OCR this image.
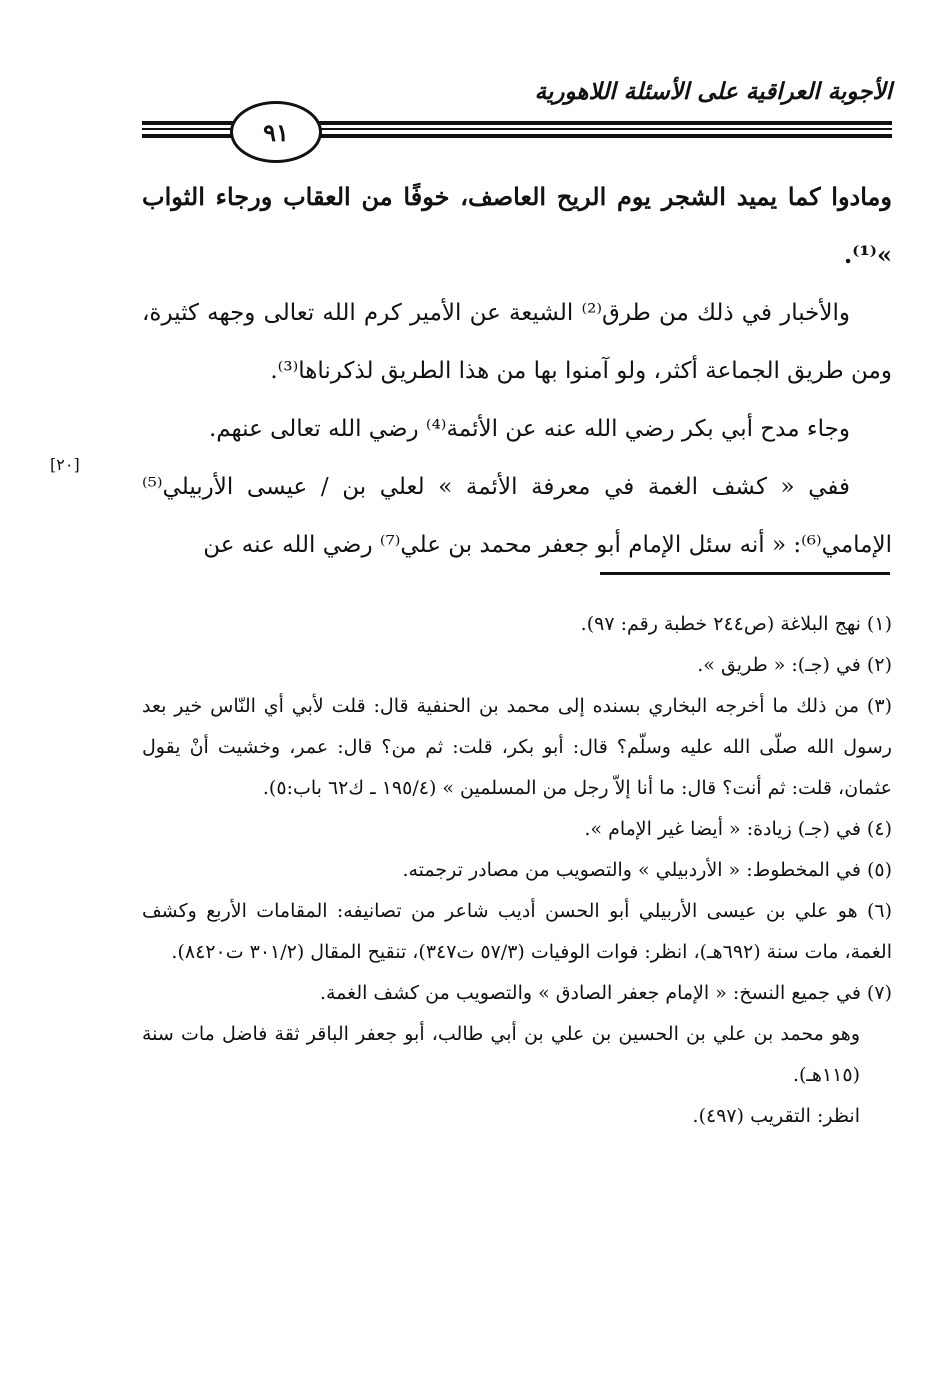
الأجوبة العراقية على الأسئلة اللاهورية
٩١

ومادوا كما يميد الشجر يوم الريح العاصف، خوفًا من العقاب ورجاء الثواب »⁽¹⁾.

والأخبار في ذلك من طرق⁽²⁾ الشيعة عن الأمير كرم الله تعالى وجهه كثيرة، ومن طريق الجماعة أكثر، ولو آمنوا بها من هذا الطريق لذكرناها⁽³⁾.

وجاء مدح أبي بكر رضي الله عنه عن الأئمة⁽⁴⁾ رضي الله تعالى عنهم.

ففي « كشف الغمة في معرفة الأئمة » لعلي بن / عيسى الأربيلي⁽⁵⁾ الإمامي⁽⁶⁾: « أنه سئل الإمام أبو جعفر محمد بن علي⁽⁷⁾ رضي الله عنه عن

[٢٠]

(١) نهج البلاغة (ص٢٤٤ خطبة رقم: ٩٧).

(٢) في (جـ): « طريق ».

(٣) من ذلك ما أخرجه البخاري بسنده إلى محمد بن الحنفية قال: قلت لأبي أي النّاس خير بعد رسول الله صلّى الله عليه وسلّم؟ قال: أبو بكر، قلت: ثم من؟ قال: عمر، وخشيت أنْ يقول عثمان، قلت: ثم أنت؟ قال: ما أنا إلاّ رجل من المسلمين » (١٩٥/٤ ـ ك٦٢ باب:٥).

(٤) في (جـ) زيادة: « أيضا غير الإمام ».

(٥) في المخطوط: « الأردبيلي » والتصويب من مصادر ترجمته.

(٦) هو علي بن عيسى الأربيلي أبو الحسن أديب شاعر من تصانيفه: المقامات الأربع وكشف الغمة، مات سنة (٦٩٢هـ)، انظر: فوات الوفيات (٥٧/٣ ت٣٤٧)، تنقيح المقال (٣٠١/٢ ت٨٤٢٠).

(٧) في جميع النسخ: « الإمام جعفر الصادق » والتصويب من كشف الغمة.

وهو محمد بن علي بن الحسين بن علي بن أبي طالب، أبو جعفر الباقر ثقة فاضل مات سنة (١١٥هـ).

انظر: التقريب (٤٩٧).
